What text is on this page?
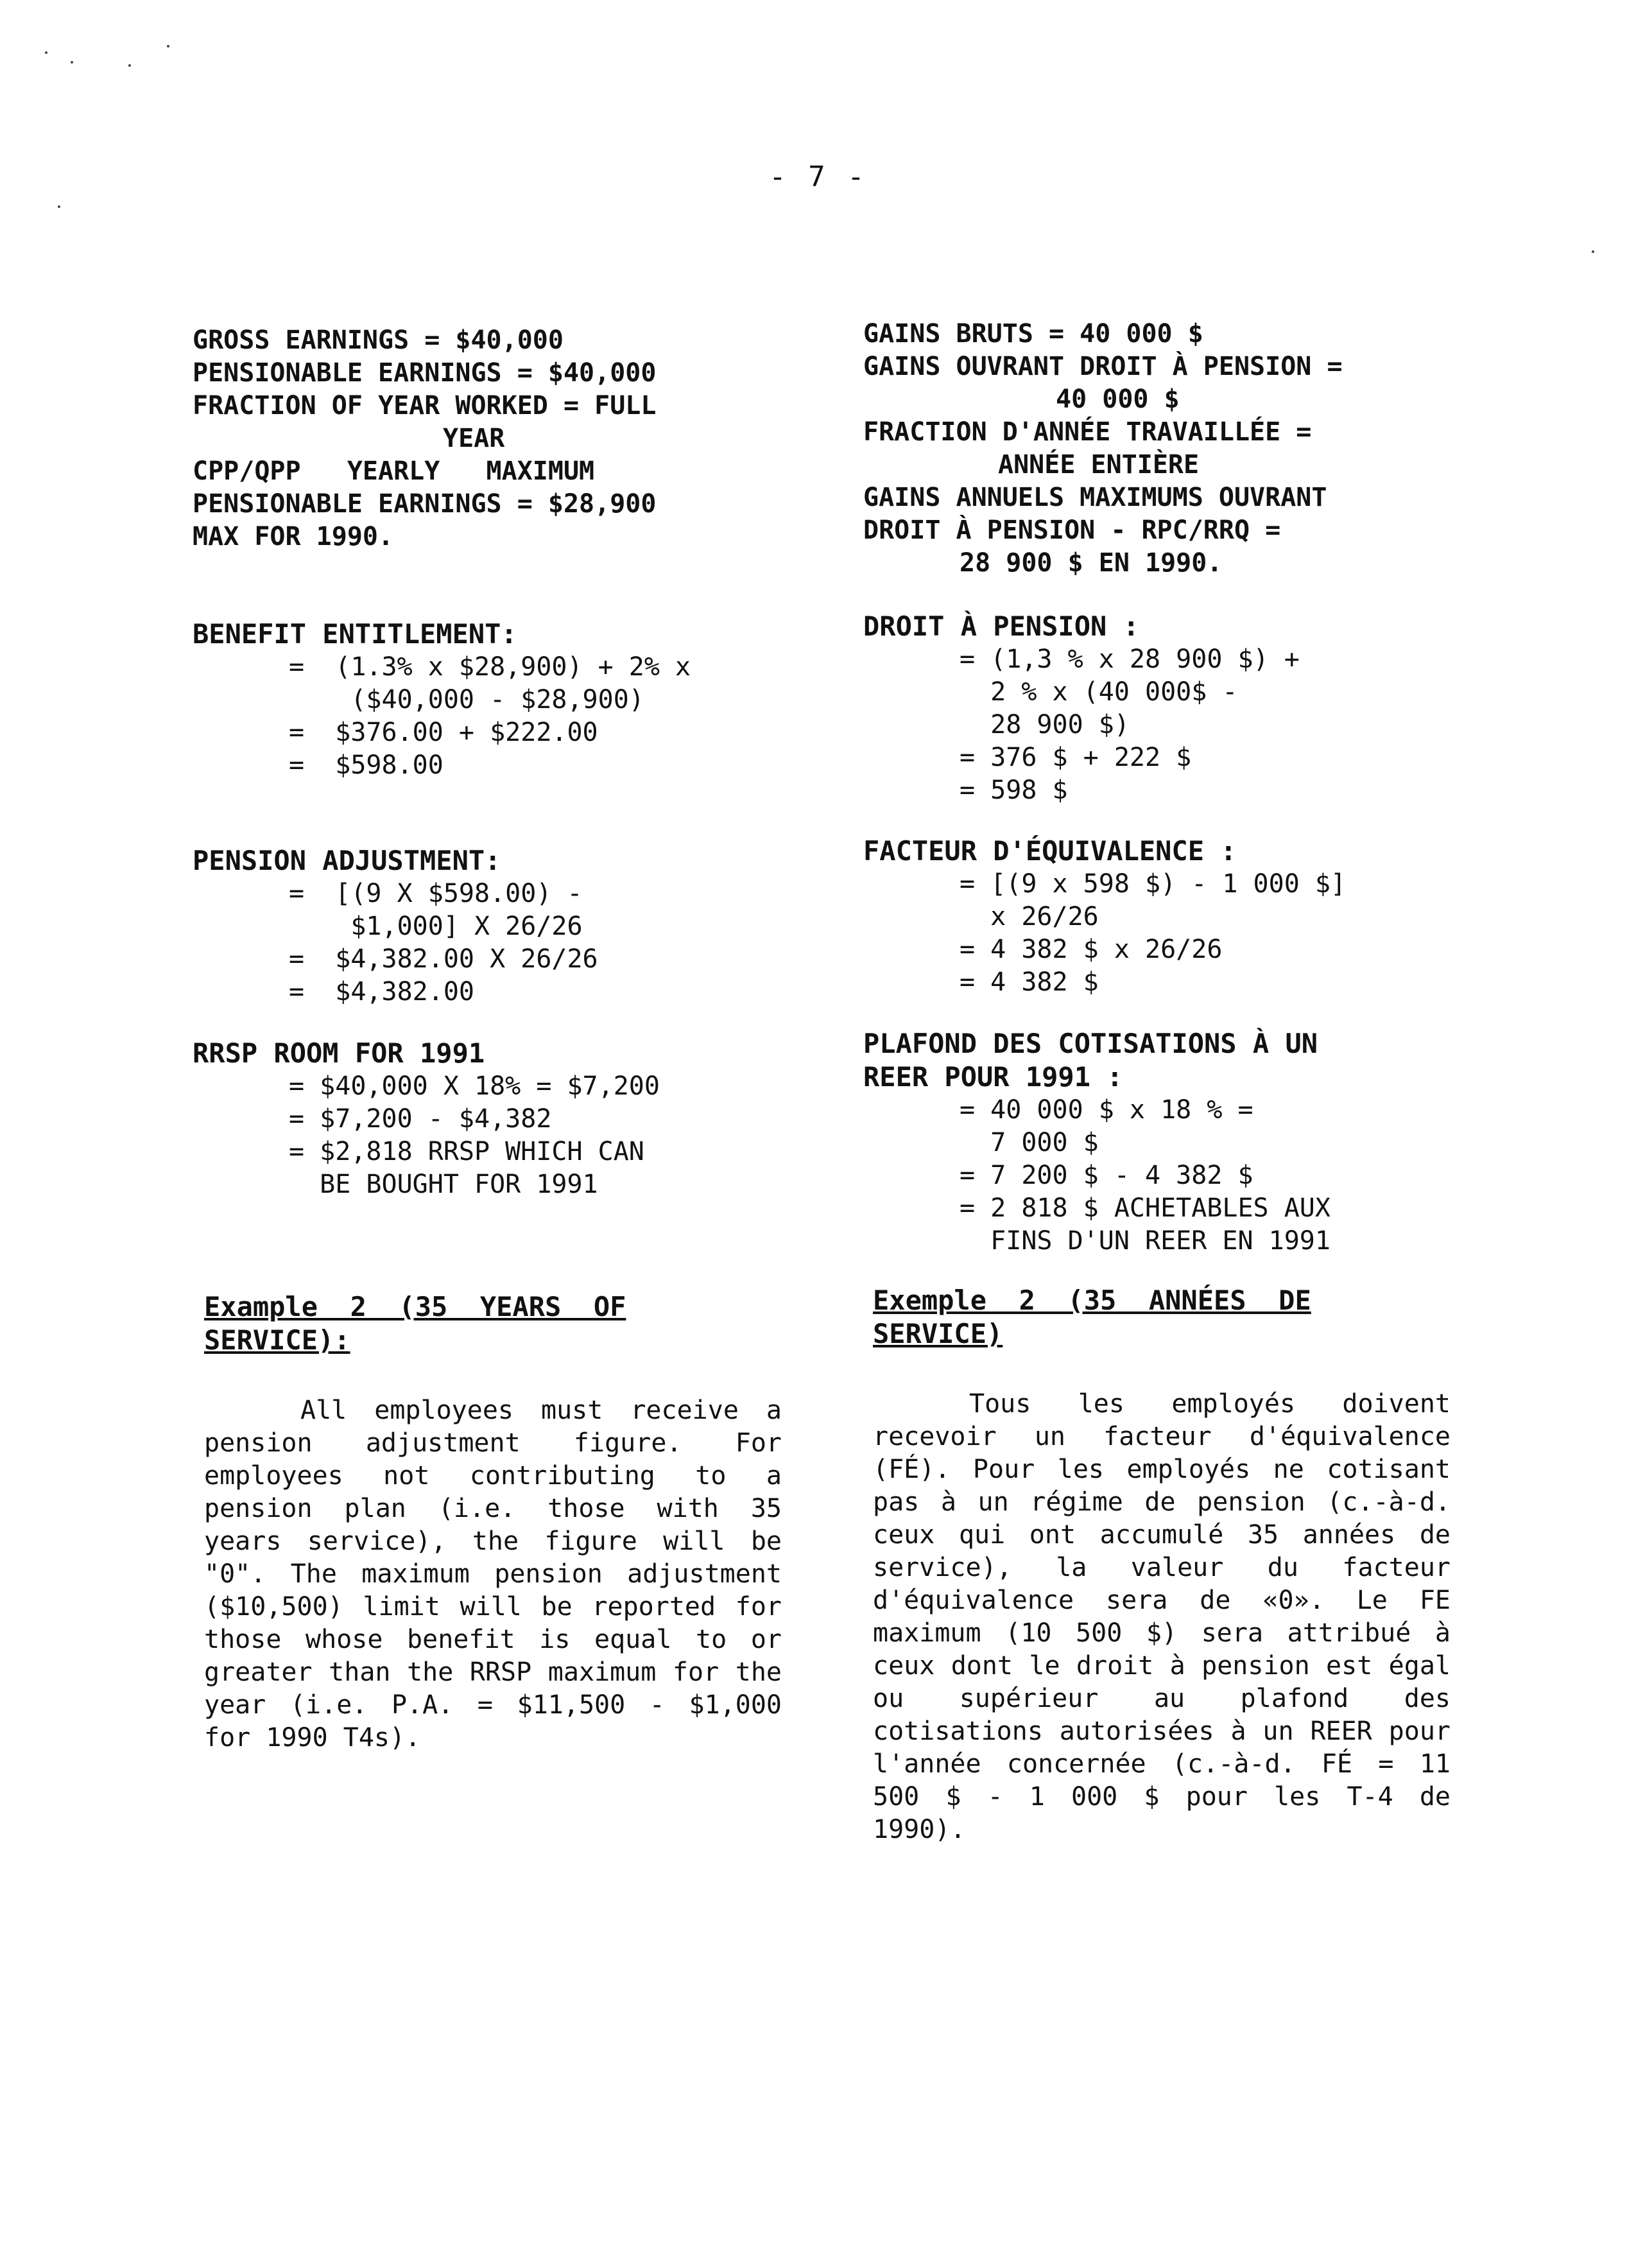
- 7 -
GROSS EARNINGS = $40,000
PENSIONABLE EARNINGS = $40,000
FRACTION OF YEAR WORKED = FULL
YEAR
CPP/QPP   YEARLY   MAXIMUM
PENSIONABLE EARNINGS = $28,900
MAX FOR 1990.
BENEFIT ENTITLEMENT:
=  (1.3% x $28,900) + 2% x
($40,000 - $28,900)
=  $376.00 + $222.00
=  $598.00
PENSION ADJUSTMENT:
=  [(9 X $598.00) -
$1,000] X 26/26
=  $4,382.00 X 26/26
=  $4,382.00
RRSP ROOM FOR 1991
= $40,000 X 18% = $7,200
= $7,200 - $4,382
= $2,818 RRSP WHICH CAN
BE BOUGHT FOR 1991
Example  2  (35  YEARS  OF
SERVICE):

All employees must receive a pension adjustment figure. For employees not contributing to a pension plan (i.e. those with 35 years service), the figure will be "0". The maximum pension adjustment ($10,500) limit will be reported for those whose benefit is equal to or greater than the RRSP maximum for the year (i.e. P.A. = $11,500 - $1,000 for 1990 T4s).

GAINS BRUTS = 40 000 $
GAINS OUVRANT DROIT À PENSION =
40 000 $
FRACTION D'ANNÉE TRAVAILLÉE =
ANNÉE ENTIÈRE
GAINS ANNUELS MAXIMUMS OUVRANT
DROIT À PENSION - RPC/RRQ =
28 900 $ EN 1990.
DROIT À PENSION :
= (1,3 % x 28 900 $) +
2 % x (40 000$ -
28 900 $)
= 376 $ + 222 $
= 598 $
FACTEUR D'ÉQUIVALENCE :
= [(9 x 598 $) - 1 000 $]
x 26/26
= 4 382 $ x 26/26
= 4 382 $
PLAFOND DES COTISATIONS À UN
REER POUR 1991 :
= 40 000 $ x 18 % =
7 000 $
= 7 200 $ - 4 382 $
= 2 818 $ ACHETABLES AUX
FINS D'UN REER EN 1991
Exemple  2  (35  ANNÉES  DE
SERVICE)

Tous les employés doivent recevoir un facteur d'équivalence (FÉ). Pour les employés ne cotisant pas à un régime de pension (c.-à-d. ceux qui ont accumulé 35 années de service), la valeur du facteur d'équivalence sera de «0». Le FE maximum (10 500 $) sera attribué à ceux dont le droit à pension est égal ou supérieur au plafond des cotisations autorisées à un REER pour l'année concernée (c.-à-d. FÉ = 11 500 $ - 1 000 $ pour les T-4 de 1990).
